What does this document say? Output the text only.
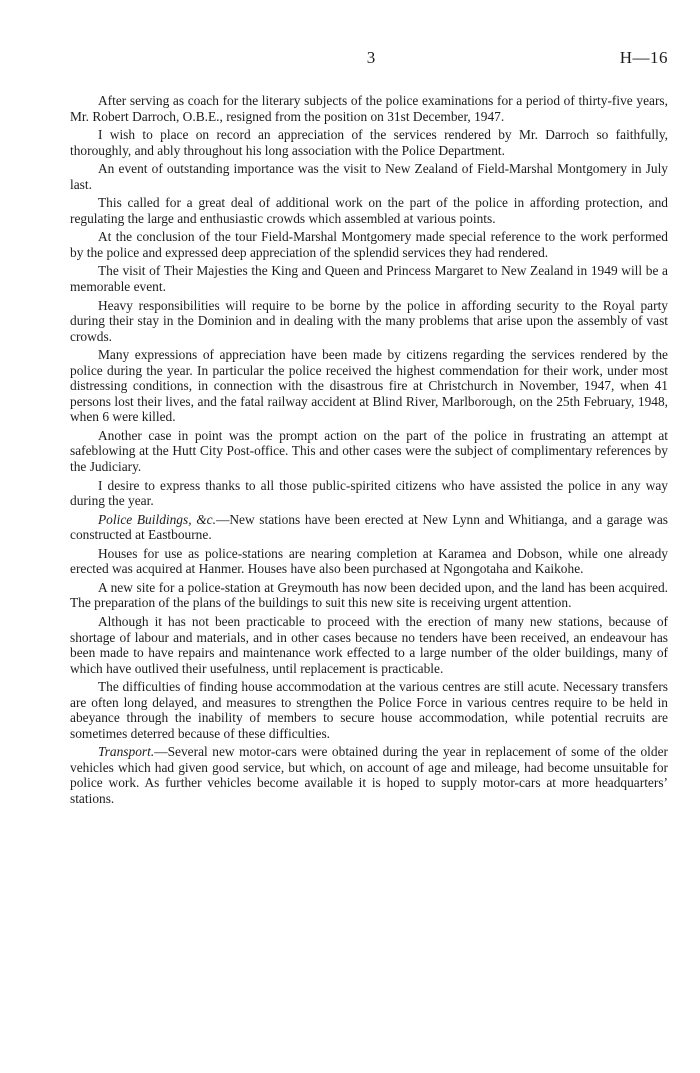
3	H—16

After serving as coach for the literary subjects of the police examinations for a period of thirty-five years, Mr. Robert Darroch, O.B.E., resigned from the position on 31st December, 1947.

I wish to place on record an appreciation of the services rendered by Mr. Darroch so faithfully, thoroughly, and ably throughout his long association with the Police Department.

An event of outstanding importance was the visit to New Zealand of Field-Marshal Montgomery in July last.

This called for a great deal of additional work on the part of the police in affording protection, and regulating the large and enthusiastic crowds which assembled at various points.

At the conclusion of the tour Field-Marshal Montgomery made special reference to the work performed by the police and expressed deep appreciation of the splendid services they had rendered.

The visit of Their Majesties the King and Queen and Princess Margaret to New Zealand in 1949 will be a memorable event.

Heavy responsibilities will require to be borne by the police in affording security to the Royal party during their stay in the Dominion and in dealing with the many problems that arise upon the assembly of vast crowds.

Many expressions of appreciation have been made by citizens regarding the services rendered by the police during the year. In particular the police received the highest commendation for their work, under most distressing conditions, in connection with the disastrous fire at Christchurch in November, 1947, when 41 persons lost their lives, and the fatal railway accident at Blind River, Marlborough, on the 25th February, 1948, when 6 were killed.

Another case in point was the prompt action on the part of the police in frustrating an attempt at safeblowing at the Hutt City Post-office. This and other cases were the subject of complimentary references by the Judiciary.

I desire to express thanks to all those public-spirited citizens who have assisted the police in any way during the year.

Police Buildings, &c.—New stations have been erected at New Lynn and Whitianga, and a garage was constructed at Eastbourne.

Houses for use as police-stations are nearing completion at Karamea and Dobson, while one already erected was acquired at Hanmer. Houses have also been purchased at Ngongotaha and Kaikohe.

A new site for a police-station at Greymouth has now been decided upon, and the land has been acquired. The preparation of the plans of the buildings to suit this new site is receiving urgent attention.

Although it has not been practicable to proceed with the erection of many new stations, because of shortage of labour and materials, and in other cases because no tenders have been received, an endeavour has been made to have repairs and maintenance work effected to a large number of the older buildings, many of which have outlived their usefulness, until replacement is practicable.

The difficulties of finding house accommodation at the various centres are still acute. Necessary transfers are often long delayed, and measures to strengthen the Police Force in various centres require to be held in abeyance through the inability of members to secure house accommodation, while potential recruits are sometimes deterred because of these difficulties.

Transport.—Several new motor-cars were obtained during the year in replacement of some of the older vehicles which had given good service, but which, on account of age and mileage, had become unsuitable for police work. As further vehicles become available it is hoped to supply motor-cars at more headquarters’ stations.
